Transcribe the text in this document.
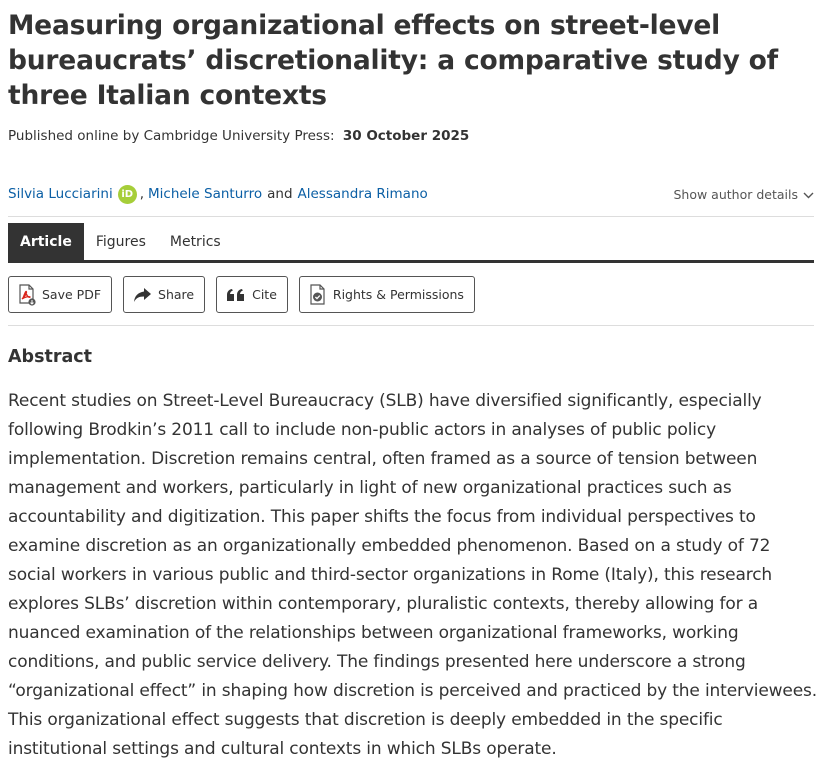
Measuring organizational effects on street-level bureaucrats’ discretionality: a comparative study of three Italian contexts
Published online by Cambridge University Press: 30 October 2025
Silvia Lucciarini iD , Michele Santurro and Alessandra Rimano	Show author details
Article	Figures	Metrics
Save PDF	Share	Cite	Rights & Permissions
Abstract

Recent studies on Street-Level Bureaucracy (SLB) have diversified significantly, especially following Brodkin’s 2011 call to include non-public actors in analyses of public policy implementation. Discretion remains central, often framed as a source of tension between management and workers, particularly in light of new organizational practices such as accountability and digitization. This paper shifts the focus from individual perspectives to examine discretion as an organizationally embedded phenomenon. Based on a study of 72 social workers in various public and third-sector organizations in Rome (Italy), this research explores SLBs’ discretion within contemporary, pluralistic contexts, thereby allowing for a nuanced examination of the relationships between organizational frameworks, working conditions, and public service delivery. The findings presented here underscore a strong “organizational effect” in shaping how discretion is perceived and practiced by the interviewees. This organizational effect suggests that discretion is deeply embedded in the specific institutional settings and cultural contexts in which SLBs operate.
